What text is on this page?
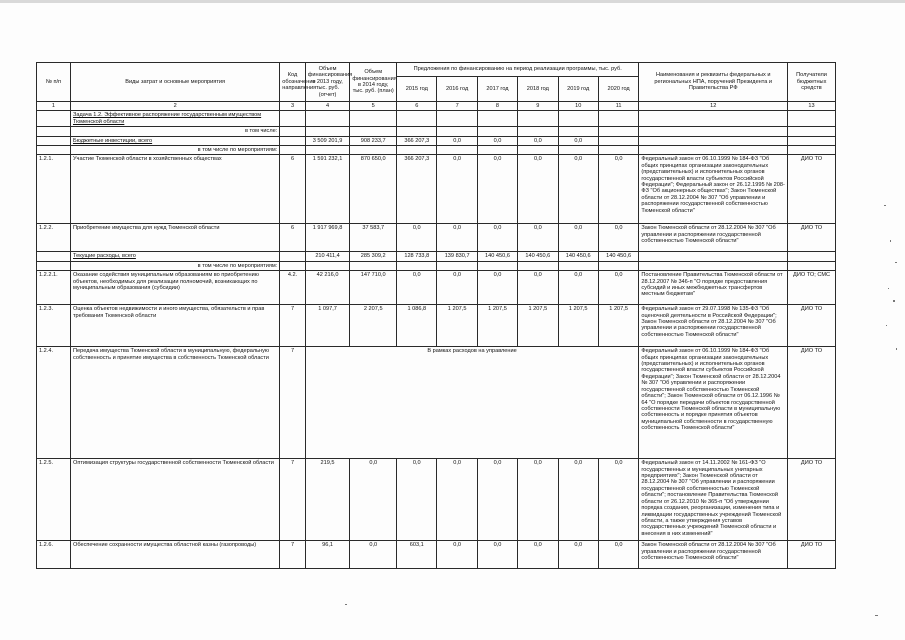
№ п/п	Виды затрат и основные мероприятия	Код обозначение направления	Объем финансирования в 2013 году, тыс. руб. (отчет)	Объем финансирования в 2014 году, тыс. руб. (план)	Предложения по финансированию на период реализации программы, тыс. руб.						Наименования и реквизиты федеральных и региональных НПА, поручений Президента и Правительства РФ	Получатели бюджетных средств
					2015 год	2016 год	2017 год	2018 год	2019 год	2020 год		
1	2	3	4	5	6	7	8	9	10	11	12	13
	Задача 1.2. Эффективное распоряжение государственным имуществом Тюменской области											
	в том числе:											
	Бюджетные инвестиции, всего		3 509 201,9	908 233,7	366 207,3	0,0	0,0	0,0	0,0			
	в том числе по мероприятиям:											
1.2.1.	Участие Тюменской области в хозяйственных обществах	6	1 591 232,1	870 650,0	366 207,3	0,0	0,0	0,0	0,0	0,0	Федеральный закон от 06.10.1999 № 184-ФЗ "Об общих принципах организации законодательных (представительных) и исполнительных органов государственной власти субъектов Российской Федерации"; Федеральный закон от 26.12.1995 № 208-ФЗ "Об акционерных обществах"; Закон Тюменской области от 28.12.2004 № 307 "Об управлении и распоряжении государственной собственностью Тюменской области"	ДИО ТО
1.2.2.	Приобретение имущества для нужд Тюменской области	6	1 917 969,8	37 583,7	0,0	0,0	0,0	0,0	0,0	0,0	Закон Тюменской области от 28.12.2004 № 307 "Об управлении и распоряжении государственной собственностью Тюменской области"	ДИО ТО
	Текущие расходы, всего		210 411,4	285 309,2	128 733,8	139 830,7	140 450,6	140 450,6	140 450,6	140 450,6		
	в том числе по мероприятиям:											
1.2.2.1.	Оказание содействия муниципальным образованиям во приобретению объектов, необходимых для реализации полномочий, возникающих по муниципальным образования (субсидии)	4.2.	42 216,0	147 710,0	0,0	0,0	0,0	0,0	0,0	0,0	Постановление Правительства Тюменской области от 28.12.2007 № 346-п "О порядке предоставления субсидий и иных межбюджетных трансфертов местным бюджетам"	ДИО ТО; СМС
1.2.3.	Оценка объектов недвижимости и иного имущества, обязательств и прав требования Тюменской области	7	1 097,7	2 207,5	1 086,8	1 207,5	1 207,5	1 207,5	1 207,5	1 207,5	Федеральный закон от 29.07.1998 № 135-ФЗ "Об оценочной деятельности в Российской Федерации"; Закон Тюменской области от 28.12.2004 № 307 "Об управлении и распоряжении государственной собственностью Тюменской области"	ДИО ТО
1.2.4.	Передача имущества Тюменской области в муниципальную, федеральную собственность и принятие имущества в собственность Тюменской области	7	В рамках расходов на управление								Федеральный закон от 06.10.1999 № 184-ФЗ "Об общих принципах организации законодательных (представительных) и исполнительных органов государственной власти субъектов Российской Федерации"; Закон Тюменской области от 28.12.2004 № 307 "Об управлении и распоряжении государственной собственностью Тюменской области"; Закон Тюменской области от 06.12.1996 № 64 "О порядке передачи объектов государственной собственности Тюменской области в муниципальную собственность и порядке принятия объектов муниципальной собственности в государственную собственность Тюменской области"	ДИО ТО
1.2.5.	Оптимизация структуры государственной собственности Тюменской области	7	219,5	0,0	0,0	0,0	0,0	0,0	0,0	0,0	Федеральный закон от 14.11.2002 № 161-ФЗ "О государственных и муниципальных унитарных предприятиях"; Закон Тюменской области от 28.12.2004 № 307 "Об управлении и распоряжении государственной собственностью Тюменской области"; постановление Правительства Тюменской области от 26.12.2010 № 365-п "Об утверждении порядка создания, реорганизации, изменения типа и ликвидации государственных учреждений Тюменской области, а также утверждения уставов государственных учреждений Тюменской области и внесения в них изменений"	ДИО ТО
1.2.6.	Обеспечение сохранности имущества областной казны (газопроводы)	7	96,1	0,0	603,1	0,0	0,0	0,0	0,0	0,0	Закон Тюменской области от 28.12.2004 № 307 "Об управлении и распоряжении государственной собственностью Тюменской области"	ДИО ТО
